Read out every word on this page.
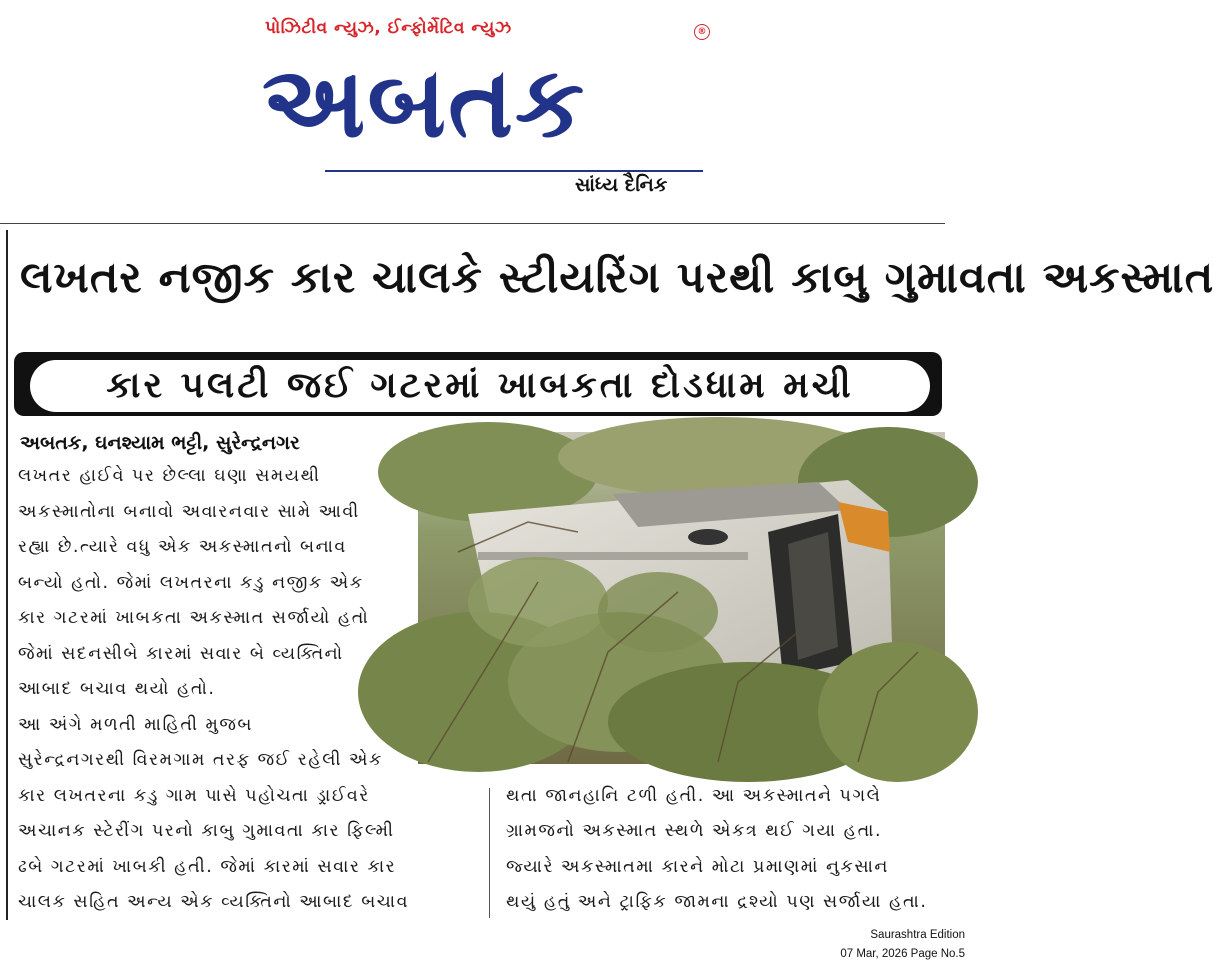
પોઝિટીવ ન્યુઝ, ઈન્ફોર્મેટિવ ન્યુઝ
અબતક
®
સાંધ્ય દૈનિક
લખતર નજીક કાર ચાલકે સ્ટીયરિંગ પરથી કાબુ ગુમાવતા અકસ્માત
કાર પલટી જઈ ગટરમાં ખાબકતા દોડધામ મચી
અબતક, ઘનશ્યામ ભટ્ટી, સુરેન્દ્રનગર
લખતર હાઈવે પર છેલ્લા ઘણા સમયથી
અકસ્માતોના બનાવો અવારનવાર સામે આવી
રહ્યા છે.ત્યારે વધુ એક અકસ્માતનો બનાવ
બન્યો હતો. જેમાં લખતરના કડુ નજીક એક
કાર ગટરમાં ખાબકતા અકસ્માત સર્જાયો હતો
જેમાં સદનસીબે કારમાં સવાર બે વ્યક્તિનો
આબાદ બચાવ થયો હતો.
આ અંગે મળતી માહિતી મુજબ
સુરેન્દ્રનગરથી વિરમગામ તરફ જઈ રહેલી એક
કાર લખતરના કડુ ગામ પાસે પહોચતા ડ્રાઈવરે
અચાનક સ્ટેરીંગ પરનો કાબુ ગુમાવતા કાર ફિલ્મી
ઢબે ગટરમાં ખાબકી હતી. જેમાં કારમાં સવાર કાર
ચાલક સહિત અન્ય એક વ્યક્તિનો આબાદ બચાવ
થતા જાનહાનિ ટળી હતી. આ અકસ્માતને પગલે
ગ્રામજનો અકસ્માત સ્થળે એકત્ર થઈ ગયા હતા.
જ્યારે અકસ્માતમા કારને મોટા પ્રમાણમાં નુકસાન
થયું હતું અને ટ્રાફિક જામના દ્રશ્યો પણ સર્જાયા હતા.
Saurashtra Edition
07 Mar, 2026 Page No.5
